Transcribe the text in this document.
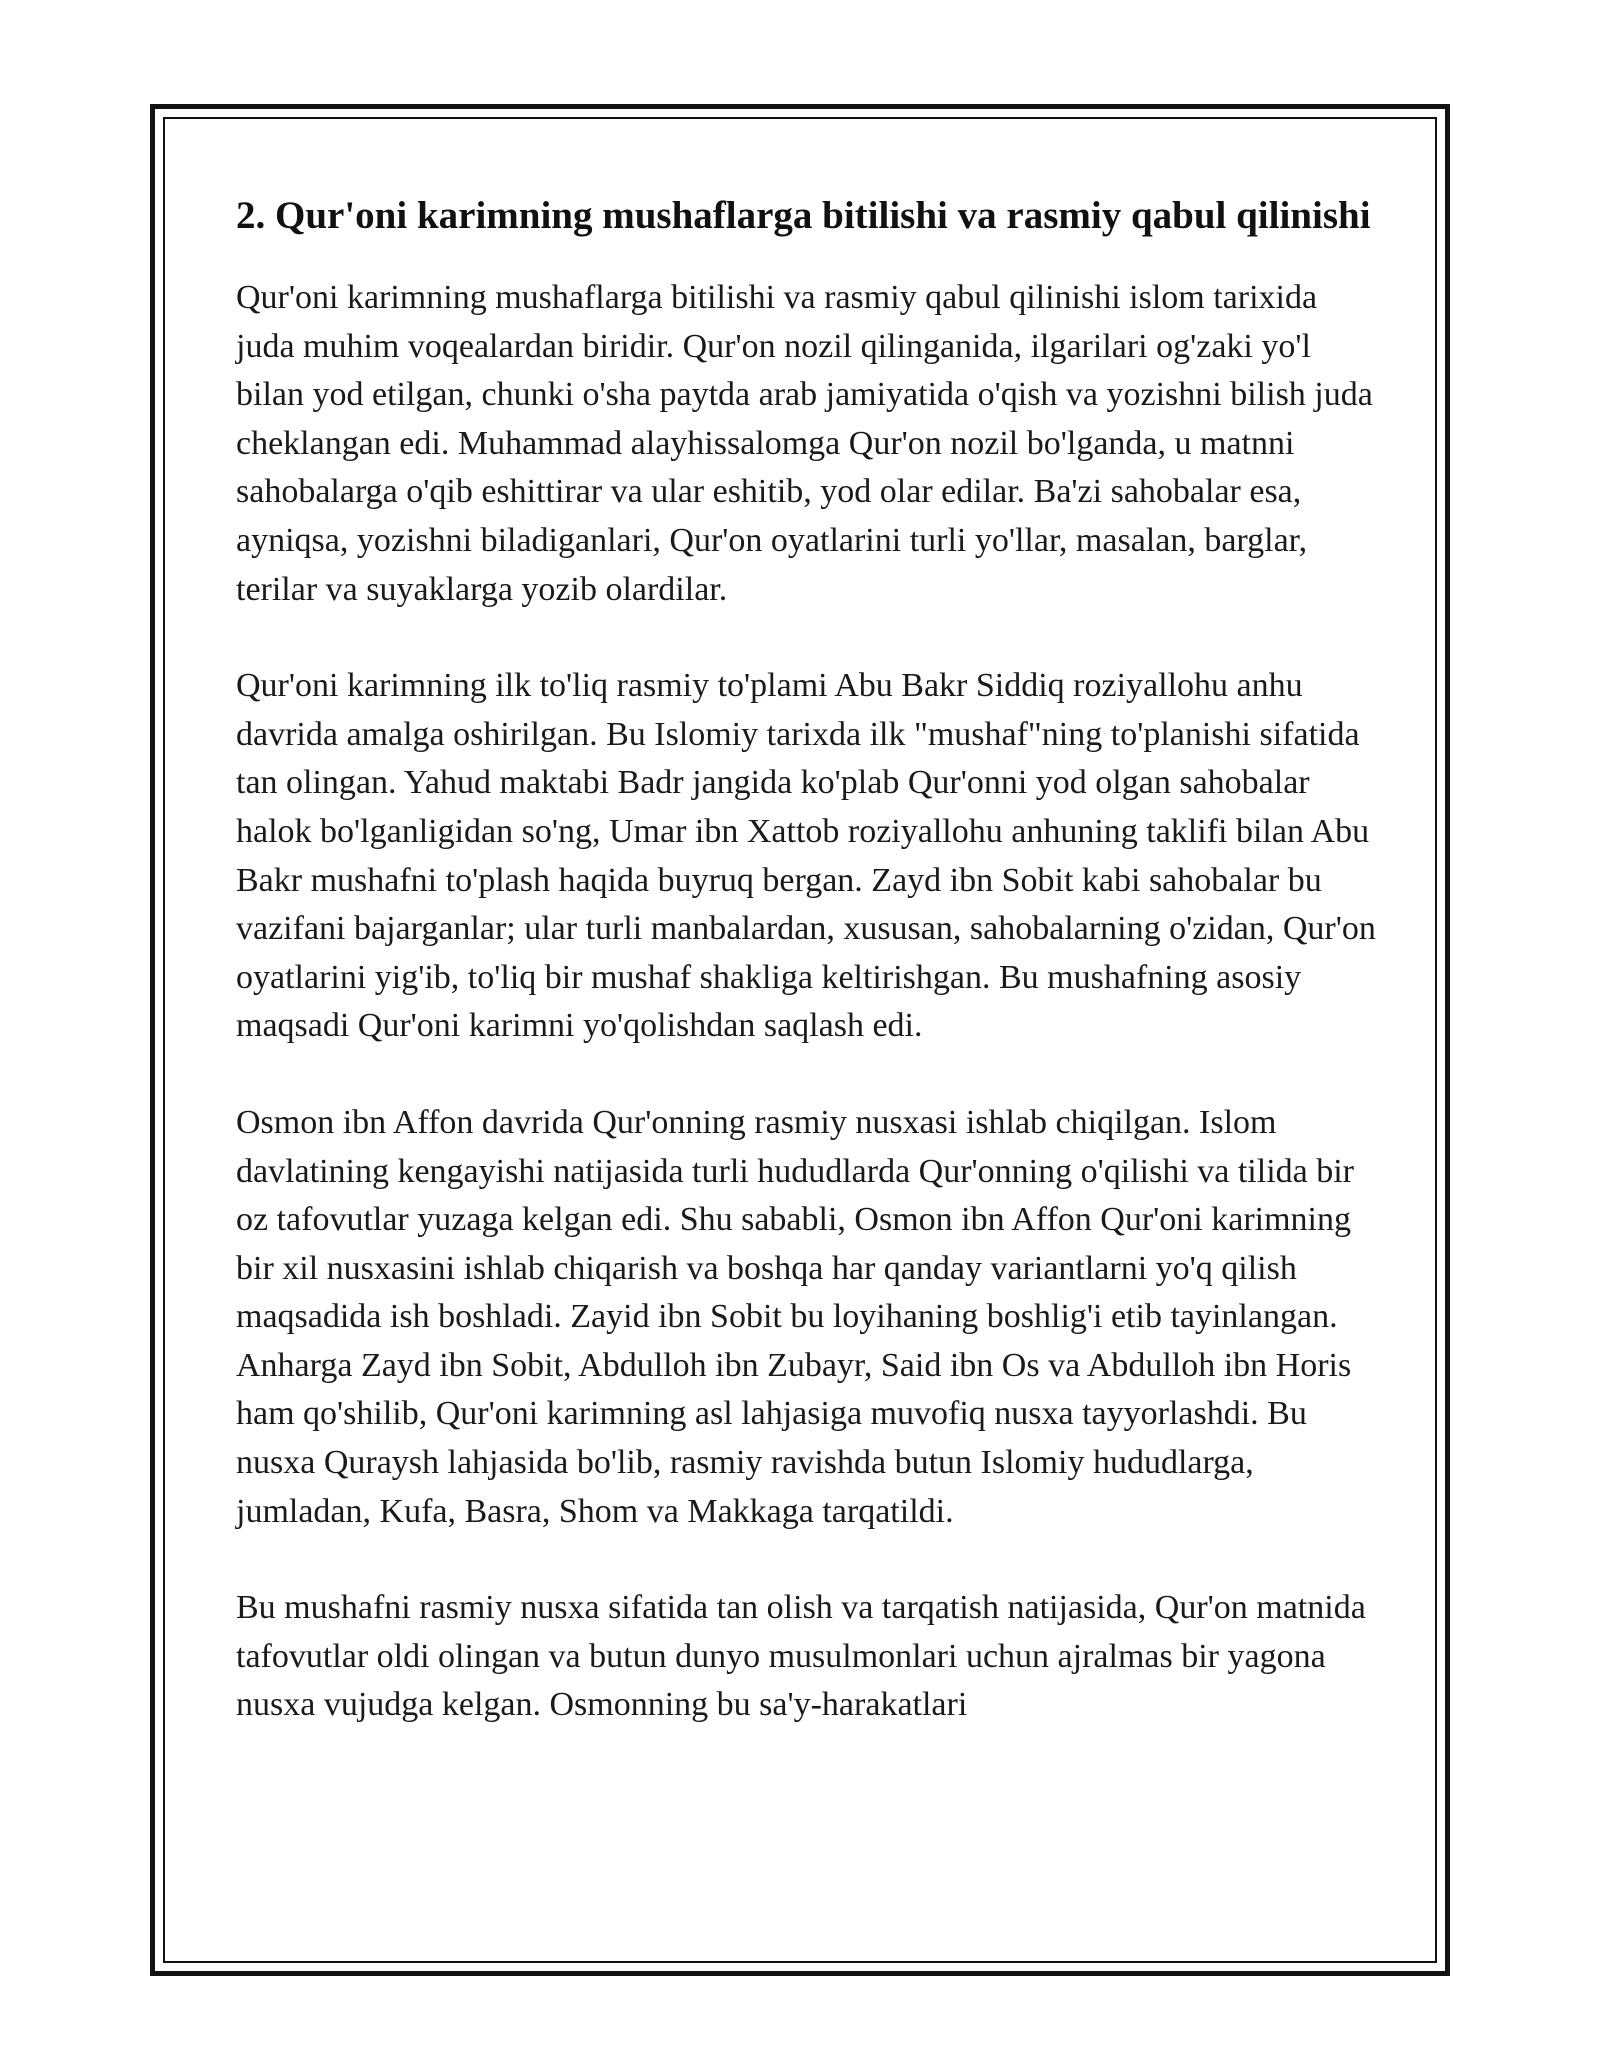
2. Qur'oni karimning mushaflarga bitilishi va rasmiy qabul qilinishi

Qur'oni karimning mushaflarga bitilishi va rasmiy qabul qilinishi islom tarixida juda muhim voqealardan biridir. Qur'on nozil qilinganida, ilgarilari og'zaki yo'l bilan yod etilgan, chunki o'sha paytda arab jamiyatida o'qish va yozishni bilish juda cheklangan edi. Muhammad alayhissalomga Qur'on nozil bo'lganda, u matnni sahobalarga o'qib eshittirar va ular eshitib, yod olar edilar. Ba'zi sahobalar esa, ayniqsa, yozishni biladiganlari, Qur'on oyatlarini turli yo'llar, masalan, barglar, terilar va suyaklarga yozib olardilar.

Qur'oni karimning ilk to'liq rasmiy to'plami Abu Bakr Siddiq roziyallohu anhu davrida amalga oshirilgan. Bu Islomiy tarixda ilk "mushaf"ning to'planishi sifatida tan olingan. Yahud maktabi Badr jangida ko'plab Qur'onni yod olgan sahobalar halok bo'lganligidan so'ng, Umar ibn Xattob roziyallohu anhuning taklifi bilan Abu Bakr mushafni to'plash haqida buyruq bergan. Zayd ibn Sobit kabi sahobalar bu vazifani bajarganlar; ular turli manbalardan, xususan, sahobalarning o'zidan, Qur'on oyatlarini yig'ib, to'liq bir mushaf shakliga keltirishgan. Bu mushafning asosiy maqsadi Qur'oni karimni yo'qolishdan saqlash edi.

Osmon ibn Affon davrida Qur'onning rasmiy nusxasi ishlab chiqilgan. Islom davlatining kengayishi natijasida turli hududlarda Qur'onning o'qilishi va tilida bir oz tafovutlar yuzaga kelgan edi. Shu sababli, Osmon ibn Affon Qur'oni karimning bir xil nusxasini ishlab chiqarish va boshqa har qanday variantlarni yo'q qilish maqsadida ish boshladi. Zayid ibn Sobit bu loyihaning boshlig'i etib tayinlangan. Anharga Zayd ibn Sobit, Abdulloh ibn Zubayr, Said ibn Os va Abdulloh ibn Horis ham qo'shilib, Qur'oni karimning asl lahjasiga muvofiq nusxa tayyorlashdi. Bu nusxa Quraysh lahjasida bo'lib, rasmiy ravishda butun Islomiy hududlarga, jumladan, Kufa, Basra, Shom va Makkaga tarqatildi.

Bu mushafni rasmiy nusxa sifatida tan olish va tarqatish natijasida, Qur'on matnida tafovutlar oldi olingan va butun dunyo musulmonlari uchun ajralmas bir yagona nusxa vujudga kelgan. Osmonning bu sa'y-harakatlari
